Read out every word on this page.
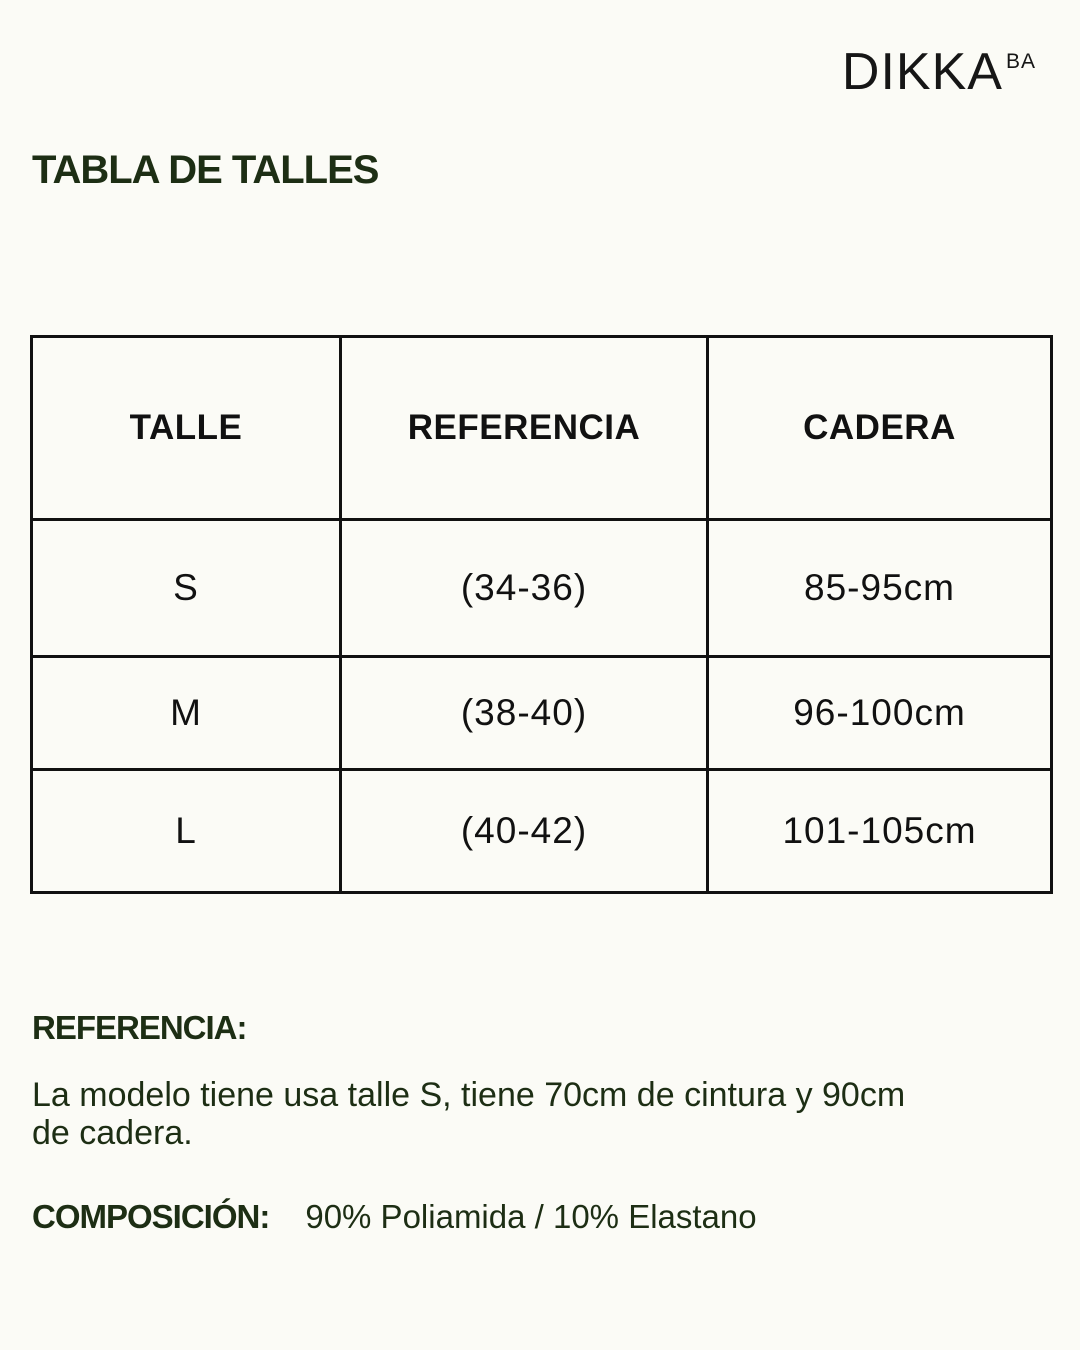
DIKKA BA
TABLA DE TALLES
TALLE	REFERENCIA	CADERA
S	(34-36)	85-95cm
M	(38-40)	96-100cm
L	(40-42)	101-105cm
REFERENCIA:

La modelo tiene usa talle S, tiene 70cm de cintura y 90cm de cadera.

COMPOSICIÓN: 90% Poliamida / 10% Elastano
